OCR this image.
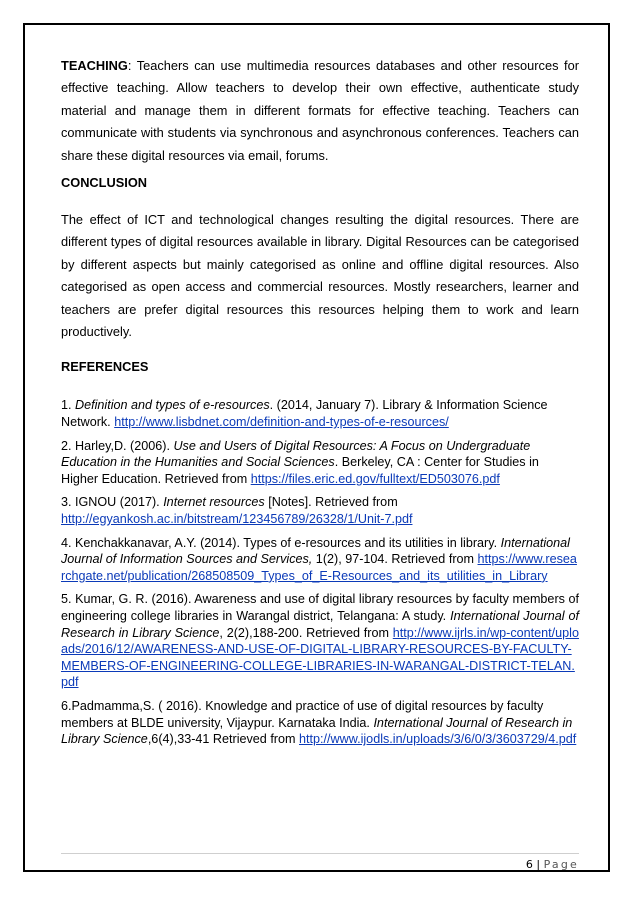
TEACHING: Teachers can use multimedia resources databases and other resources for effective teaching. Allow teachers to develop their own effective, authenticate study material and manage them in different formats for effective teaching. Teachers can communicate with students via synchronous and asynchronous conferences. Teachers can share these digital resources via email, forums.

CONCLUSION

The effect of ICT and technological changes resulting the digital resources. There are different types of digital resources available in library. Digital Resources can be categorised by different aspects but mainly categorised as online and offline digital resources. Also categorised as open access and commercial resources. Mostly researchers, learner and teachers are prefer digital resources this resources helping them to work and learn productively.

REFERENCES

1. Definition and types of e-resources. (2014, January 7). Library & Information Science Network. http://www.lisbdnet.com/definition-and-types-of-e-resources/

2. Harley,D. (2006). Use and Users of Digital Resources: A Focus on Undergraduate Education in the Humanities and Social Sciences. Berkeley, CA : Center for Studies in Higher Education. Retrieved from https://files.eric.ed.gov/fulltext/ED503076.pdf

3. IGNOU (2017). Internet resources [Notes]. Retrieved from http://egyankosh.ac.in/bitstream/123456789/26328/1/Unit-7.pdf

4. Kenchakkanavar, A.Y. (2014). Types of e-resources and its utilities in library. International Journal of Information Sources and Services, 1(2), 97-104. Retrieved from https://www.researchgate.net/publication/268508509_Types_of_E-Resources_and_its_utilities_in_Library

5. Kumar, G. R. (2016). Awareness and use of digital library resources by faculty members of engineering college libraries in Warangal district, Telangana: A study. International Journal of Research in Library Science, 2(2),188-200. Retrieved from http://www.ijrls.in/wp-content/uploads/2016/12/AWARENESS-AND-USE-OF-DIGITAL-LIBRARY-RESOURCES-BY-FACULTY-MEMBERS-OF-ENGINEERING-COLLEGE-LIBRARIES-IN-WARANGAL-DISTRICT-TELAN.pdf

6.Padmamma,S. ( 2016). Knowledge and practice of use of digital resources by faculty members at BLDE university, Vijaypur. Karnataka India. International Journal of Research in Library Science,6(4),33-41 Retrieved from http://www.ijodls.in/uploads/3/6/0/3/3603729/4.pdf

6 | Page
